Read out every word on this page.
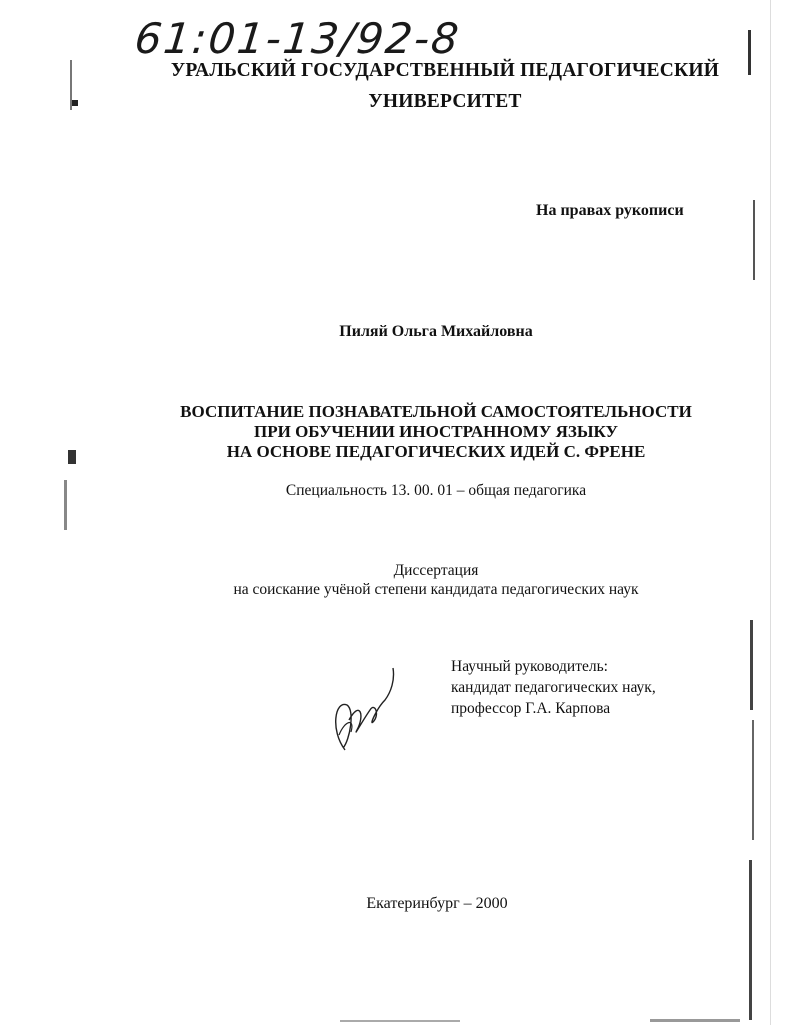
61:01-13/92-8
УРАЛЬСКИЙ ГОСУДАРСТВЕННЫЙ ПЕДАГОГИЧЕСКИЙ
УНИВЕРСИТЕТ
На правах рукописи
Пиляй Ольга Михайловна
ВОСПИТАНИЕ ПОЗНАВАТЕЛЬНОЙ САМОСТОЯТЕЛЬНОСТИ
ПРИ ОБУЧЕНИИ ИНОСТРАННОМУ ЯЗЫКУ
НА ОСНОВЕ ПЕДАГОГИЧЕСКИХ ИДЕЙ С. ФРЕНЕ
Специальность 13. 00. 01 – общая педагогика
Диссертация
на соискание учёной степени кандидата педагогических наук
Научный руководитель:
кандидат педагогических наук,
профессор Г.А. Карпова
Екатеринбург – 2000
